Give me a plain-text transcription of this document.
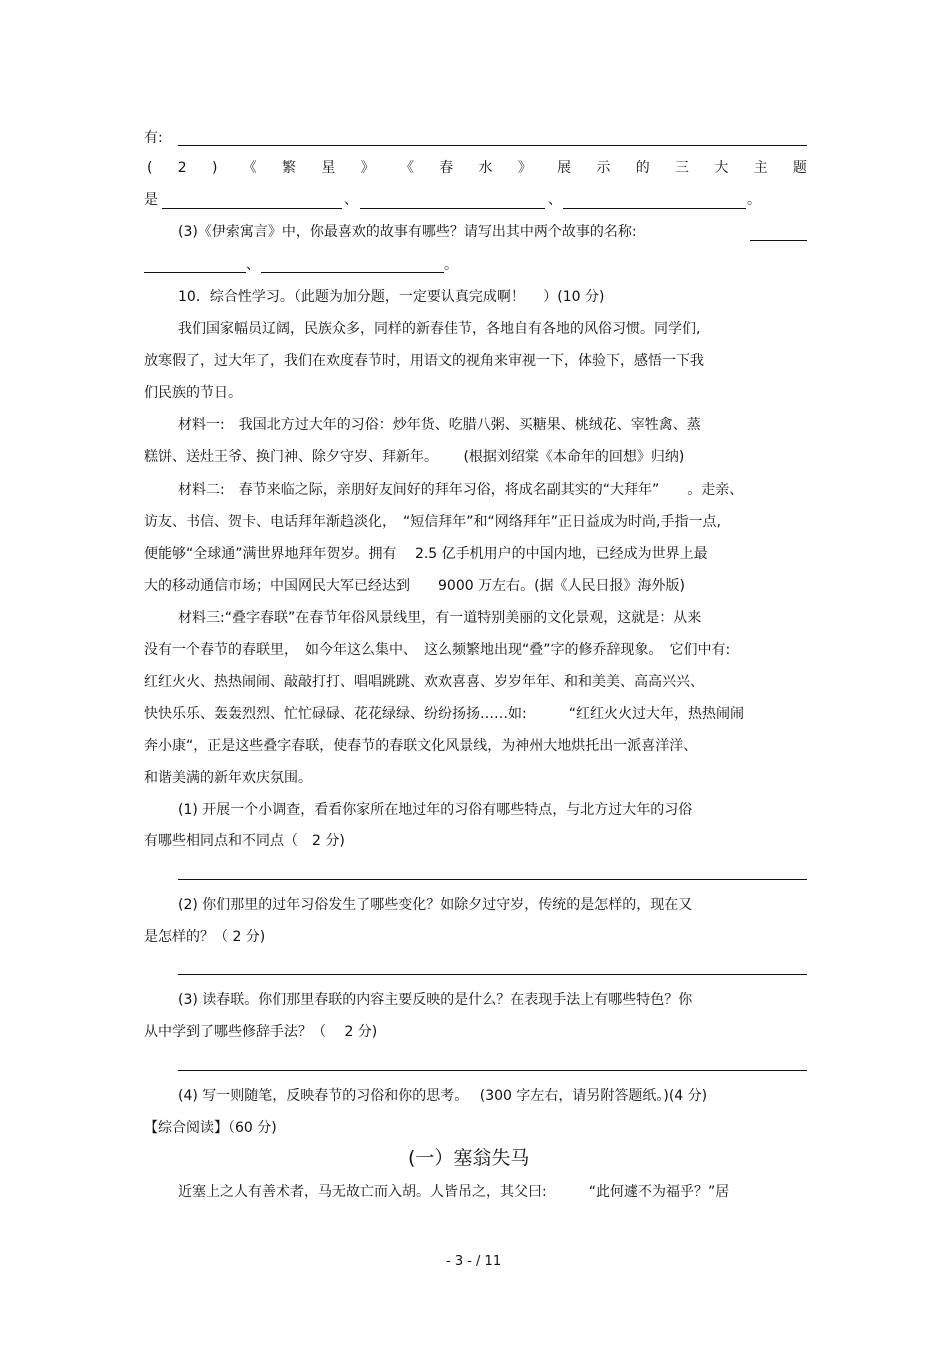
有:
( 2 ) 《 繁 星 》 《 春 水 》 展 示 的 三 大 主 题
是	、	、	。
(3)《伊索寓言》中，你最喜欢的故事有哪些？请写出其中两个故事的名称:
、	。
10．综合性学习。（此题为加分题，一定要认真完成啊！　 ）(10 分)
我们国家幅员辽阔，民族众多，同样的新春佳节，各地自有各地的风俗习惯。同学们,
放寒假了，过大年了，我们在欢度春节时，用语文的视角来审视一下，体验下，感悟一下我
们民族的节日。
材料一:　我国北方过大年的习俗：炒年货、吃腊八粥、买糖果、桃绒花、宰牲禽、蒸
糕饼、送灶王爷、换门神、除夕守岁、拜新年。　　 (根据刘绍棠《本命年的回想》归纳)
材料二:　春节来临之际，亲朋好友间好的拜年习俗，将成名副其实的“大拜年”　　。走亲、
访友、书信、贺卡、电话拜年渐趋淡化，　“短信拜年”和“网络拜年”正日益成为时尚,手指一点,
便能够“全球通”满世界地拜年贺岁。拥有　 2.5 亿手机用户的中国内地，已经成为世界上最
大的移动通信市场；中国网民大军已经达到　　9000 万左右。(据《人民日报》海外版)
材料三:“叠字春联”在春节年俗风景线里，有一道特别美丽的文化景观，这就是：从来
没有一个春节的春联里，　如今年这么集中、　这么频繁地出现“叠”字的修乔辞现象。　它们中有:
红红火火、热热闹闹、敲敲打打、唱唱跳跳、欢欢喜喜、岁岁年年、和和美美、高高兴兴、
快快乐乐、轰轰烈烈、忙忙碌碌、花花绿绿、纷纷扬扬……如:　　　“红红火火过大年，热热闹闹
奔小康“，正是这些叠字春联，使春节的春联文化风景线，为神州大地烘托出一派喜洋洋、
和谐美满的新年欢庆氛围。
(1) 开展一个小调查，看看你家所在地过年的习俗有哪些特点，与北方过大年的习俗
有哪些相同点和不同点（　2 分)
(2) 你们那里的过年习俗发生了哪些变化？如除夕过守岁，传统的是怎样的，现在又
是怎样的？（ 2 分)
(3) 读春联。你们那里春联的内容主要反映的是什么？在表现手法上有哪些特色？你
从中学到了哪些修辞手法？（　 2 分)
(4) 写一则随笔，反映春节的习俗和你的思考。　 (300 字左右，请另附答题纸。)(4 分)
【综合阅读】（60 分)
(一）塞翁失马
近塞上之人有善术者，马无故亡而入胡。人皆吊之，其父曰:　　　“此何遽不为福乎？”居
- 3 - / 11
